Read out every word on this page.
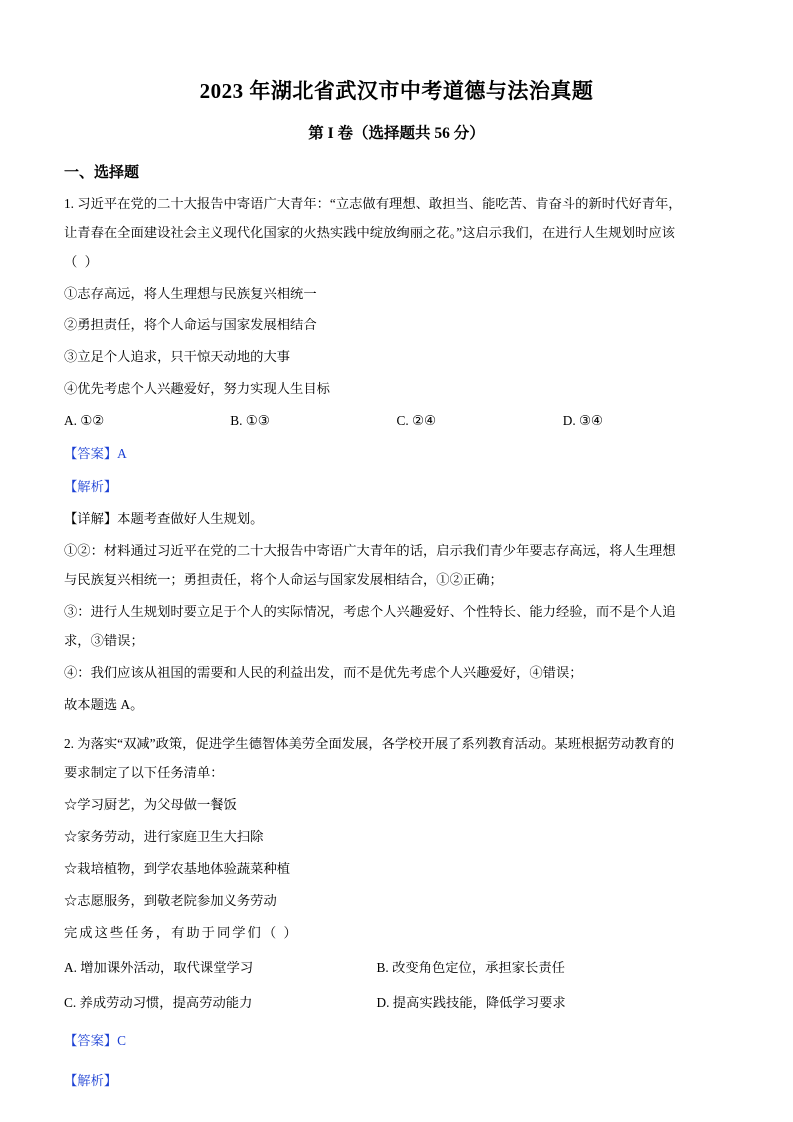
2023 年湖北省武汉市中考道德与法治真题
第 I 卷（选择题共 56 分）
一、选择题

1. 习近平在党的二十大报告中寄语广大青年：“立志做有理想、敢担当、能吃苦、肯奋斗的新时代好青年，

让青春在全面建设社会主义现代化国家的火热实践中绽放绚丽之花。”这启示我们，在进行人生规划时应该

（ ）

①志存高远，将人生理想与民族复兴相统一

②勇担责任，将个人命运与国家发展相结合

③立足个人追求，只干惊天动地的大事

④优先考虑个人兴趣爱好，努力实现人生目标

A. ①②	B. ①③	C. ②④	D. ③④

【答案】A

【解析】

【详解】本题考查做好人生规划。

①②：材料通过习近平在党的二十大报告中寄语广大青年的话，启示我们青少年要志存高远，将人生理想

与民族复兴相统一；勇担责任，将个人命运与国家发展相结合，①②正确；

③：进行人生规划时要立足于个人的实际情况，考虑个人兴趣爱好、个性特长、能力经验，而不是个人追

求，③错误；

④：我们应该从祖国的需要和人民的利益出发，而不是优先考虑个人兴趣爱好，④错误；

故本题选 A。

2. 为落实“双减”政策，促进学生德智体美劳全面发展，各学校开展了系列教育活动。某班根据劳动教育的

要求制定了以下任务清单：

☆学习厨艺，为父母做一餐饭

☆家务劳动，进行家庭卫生大扫除

☆栽培植物，到学农基地体验蔬菜种植

☆志愿服务，到敬老院参加义务劳动

完成这些任务，有助于同学们（ ）

A. 增加课外活动，取代课堂学习	B. 改变角色定位，承担家长责任
C. 养成劳动习惯，提高劳动能力	D. 提高实践技能，降低学习要求

【答案】C

【解析】
